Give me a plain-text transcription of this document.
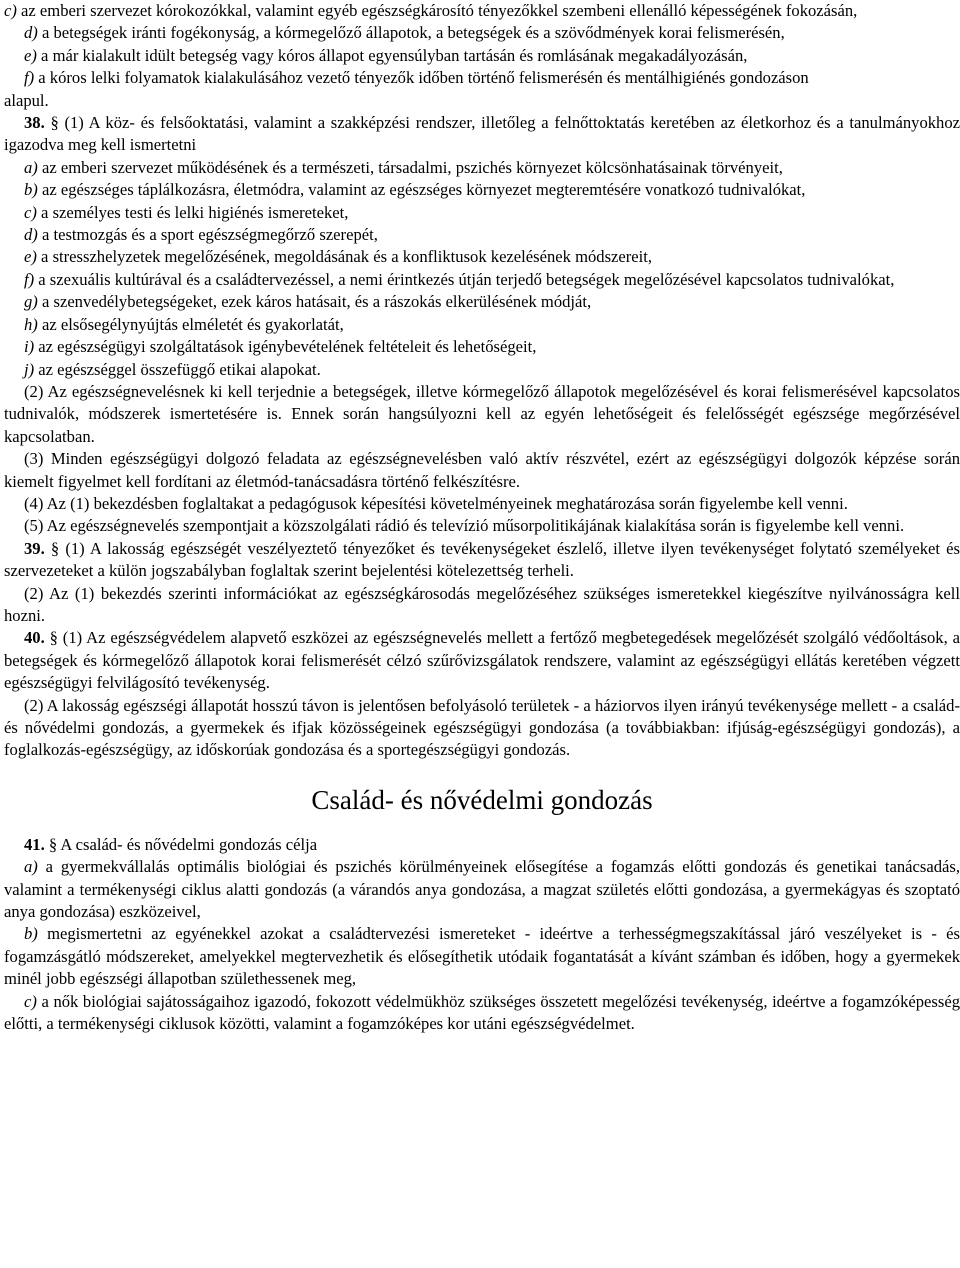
c) az emberi szervezet kórokozókkal, valamint egyéb egészségkárosító tényezőkkel szembeni ellenálló képességének fokozásán,

d) a betegségek iránti fogékonyság, a kórmegelőző állapotok, a betegségek és a szövődmények korai felismerésén,

e) a már kialakult idült betegség vagy kóros állapot egyensúlyban tartásán és romlásának megakadályozásán,

f) a kóros lelki folyamatok kialakulásához vezető tényezők időben történő felismerésén és mentálhigiénés gondozáson

alapul.

38. § (1) A köz- és felsőoktatási, valamint a szakképzési rendszer, illetőleg a felnőttoktatás keretében az életkorhoz és a tanulmányokhoz igazodva meg kell ismertetni

a) az emberi szervezet működésének és a természeti, társadalmi, pszichés környezet kölcsönhatásainak törvényeit,

b) az egészséges táplálkozásra, életmódra, valamint az egészséges környezet megteremtésére vonatkozó tudnivalókat,

c) a személyes testi és lelki higiénés ismereteket,

d) a testmozgás és a sport egészségmegőrző szerepét,

e) a stresszhelyzetek megelőzésének, megoldásának és a konfliktusok kezelésének módszereit,

f) a szexuális kultúrával és a családtervezéssel, a nemi érintkezés útján terjedő betegségek megelőzésével kapcsolatos tudnivalókat,

g) a szenvedélybetegségeket, ezek káros hatásait, és a rászokás elkerülésének módját,

h) az elsősegélynyújtás elméletét és gyakorlatát,

i) az egészségügyi szolgáltatások igénybevételének feltételeit és lehetőségeit,

j) az egészséggel összefüggő etikai alapokat.

(2) Az egészségnevelésnek ki kell terjednie a betegségek, illetve kórmegelőző állapotok megelőzésével és korai felismerésével kapcsolatos tudnivalók, módszerek ismertetésére is. Ennek során hangsúlyozni kell az egyén lehetőségeit és felelősségét egészsége megőrzésével kapcsolatban.

(3) Minden egészségügyi dolgozó feladata az egészségnevelésben való aktív részvétel, ezért az egészségügyi dolgozók képzése során kiemelt figyelmet kell fordítani az életmód-tanácsadásra történő felkészítésre.

(4) Az (1) bekezdésben foglaltakat a pedagógusok képesítési követelményeinek meghatározása során figyelembe kell venni.

(5) Az egészségnevelés szempontjait a közszolgálati rádió és televízió műsorpolitikájának kialakítása során is figyelembe kell venni.

39. § (1) A lakosság egészségét veszélyeztető tényezőket és tevékenységeket észlelő, illetve ilyen tevékenységet folytató személyeket és szervezeteket a külön jogszabályban foglaltak szerint bejelentési kötelezettség terheli.

(2) Az (1) bekezdés szerinti információkat az egészségkárosodás megelőzéséhez szükséges ismeretekkel kiegészítve nyilvánosságra kell hozni.

40. § (1) Az egészségvédelem alapvető eszközei az egészségnevelés mellett a fertőző megbetegedések megelőzését szolgáló védőoltások, a betegségek és kórmegelőző állapotok korai felismerését célzó szűrővizsgálatok rendszere, valamint az egészségügyi ellátás keretében végzett egészségügyi felvilágosító tevékenység.

(2) A lakosság egészségi állapotát hosszú távon is jelentősen befolyásoló területek - a háziorvos ilyen irányú tevékenysége mellett - a család- és nővédelmi gondozás, a gyermekek és ifjak közösségeinek egészségügyi gondozása (a továbbiakban: ifjúság-egészségügyi gondozás), a foglalkozás-egészségügy, az időskorúak gondozása és a sportegészségügyi gondozás.

Család- és nővédelmi gondozás

41. § A család- és nővédelmi gondozás célja

a) a gyermekvállalás optimális biológiai és pszichés körülményeinek elősegítése a fogamzás előtti gondozás és genetikai tanácsadás, valamint a termékenységi ciklus alatti gondozás (a várandós anya gondozása, a magzat születés előtti gondozása, a gyermekágyas és szoptató anya gondozása) eszközeivel,

b) megismertetni az egyénekkel azokat a családtervezési ismereteket - ideértve a terhességmegszakítással járó veszélyeket is - és fogamzásgátló módszereket, amelyekkel megtervezhetik és elősegíthetik utódaik fogantatását a kívánt számban és időben, hogy a gyermekek minél jobb egészségi állapotban születhessenek meg,

c) a nők biológiai sajátosságaihoz igazodó, fokozott védelmükhöz szükséges összetett megelőzési tevékenység, ideértve a fogamzóképesség előtti, a termékenységi ciklusok közötti, valamint a fogamzóképes kor utáni egészségvédelmet.
